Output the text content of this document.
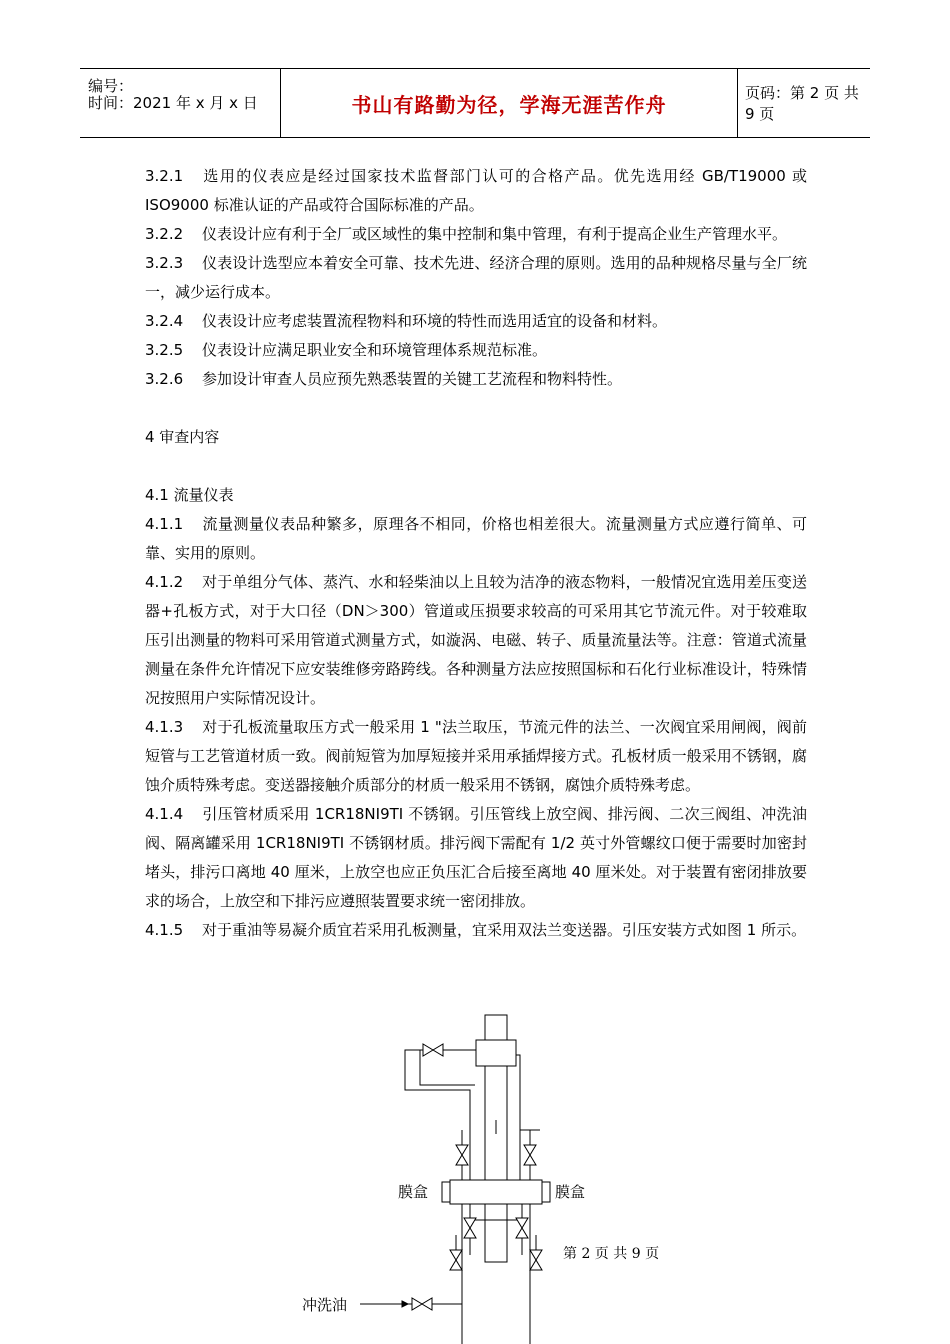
编号：
时间：2021 年 x 月 x 日	书山有路勤为径，学海无涯苦作舟	页码：第 2 页 共 9 页

3.2.1 选用的仪表应是经过国家技术监督部门认可的合格产品。优先选用经 GB/T19000 或 ISO9000 标准认证的产品或符合国际标准的产品。

3.2.2 仪表设计应有利于全厂或区域性的集中控制和集中管理，有利于提高企业生产管理水平。

3.2.3 仪表设计选型应本着安全可靠、技术先进、经济合理的原则。选用的品种规格尽量与全厂统一，减少运行成本。

3.2.4 仪表设计应考虑装置流程物料和环境的特性而选用适宜的设备和材料。

3.2.5 仪表设计应满足职业安全和环境管理体系规范标准。

3.2.6 参加设计审查人员应预先熟悉装置的关键工艺流程和物料特性。

4 审查内容

4.1 流量仪表

4.1.1 流量测量仪表品种繁多，原理各不相同，价格也相差很大。流量测量方式应遵行简单、可靠、实用的原则。

4.1.2 对于单组分气体、蒸汽、水和轻柴油以上且较为洁净的液态物料，一般情况宜选用差压变送器+孔板方式，对于大口径（DN＞300）管道或压损要求较高的可采用其它节流元件。对于较难取压引出测量的物料可采用管道式测量方式，如漩涡、电磁、转子、质量流量法等。注意：管道式流量测量在条件允许情况下应安装维修旁路跨线。各种测量方法应按照国标和石化行业标准设计，特殊情况按照用户实际情况设计。

4.1.3 对于孔板流量取压方式一般采用 1 "法兰取压，节流元件的法兰、一次阀宜采用闸阀，阀前短管与工艺管道材质一致。阀前短管为加厚短接并采用承插焊接方式。孔板材质一般采用不锈钢，腐蚀介质特殊考虑。变送器接触介质部分的材质一般采用不锈钢，腐蚀介质特殊考虑。

4.1.4 引压管材质采用 1CR18NI9TI 不锈钢。引压管线上放空阀、排污阀、二次三阀组、冲洗油阀、隔离罐采用 1CR18NI9TI 不锈钢材质。排污阀下需配有 1/2 英寸外管螺纹口便于需要时加密封堵头，排污口离地 40 厘米，上放空也应正负压汇合后接至离地 40 厘米处。对于装置有密闭排放要求的场合，上放空和下排污应遵照装置要求统一密闭排放。

4.1.5 对于重油等易凝介质宜若采用孔板测量，宜采用双法兰变送器。引压安装方式如图 1 所示。

膜盒	膜盒
冲洗油
第 2 页 共 9 页
